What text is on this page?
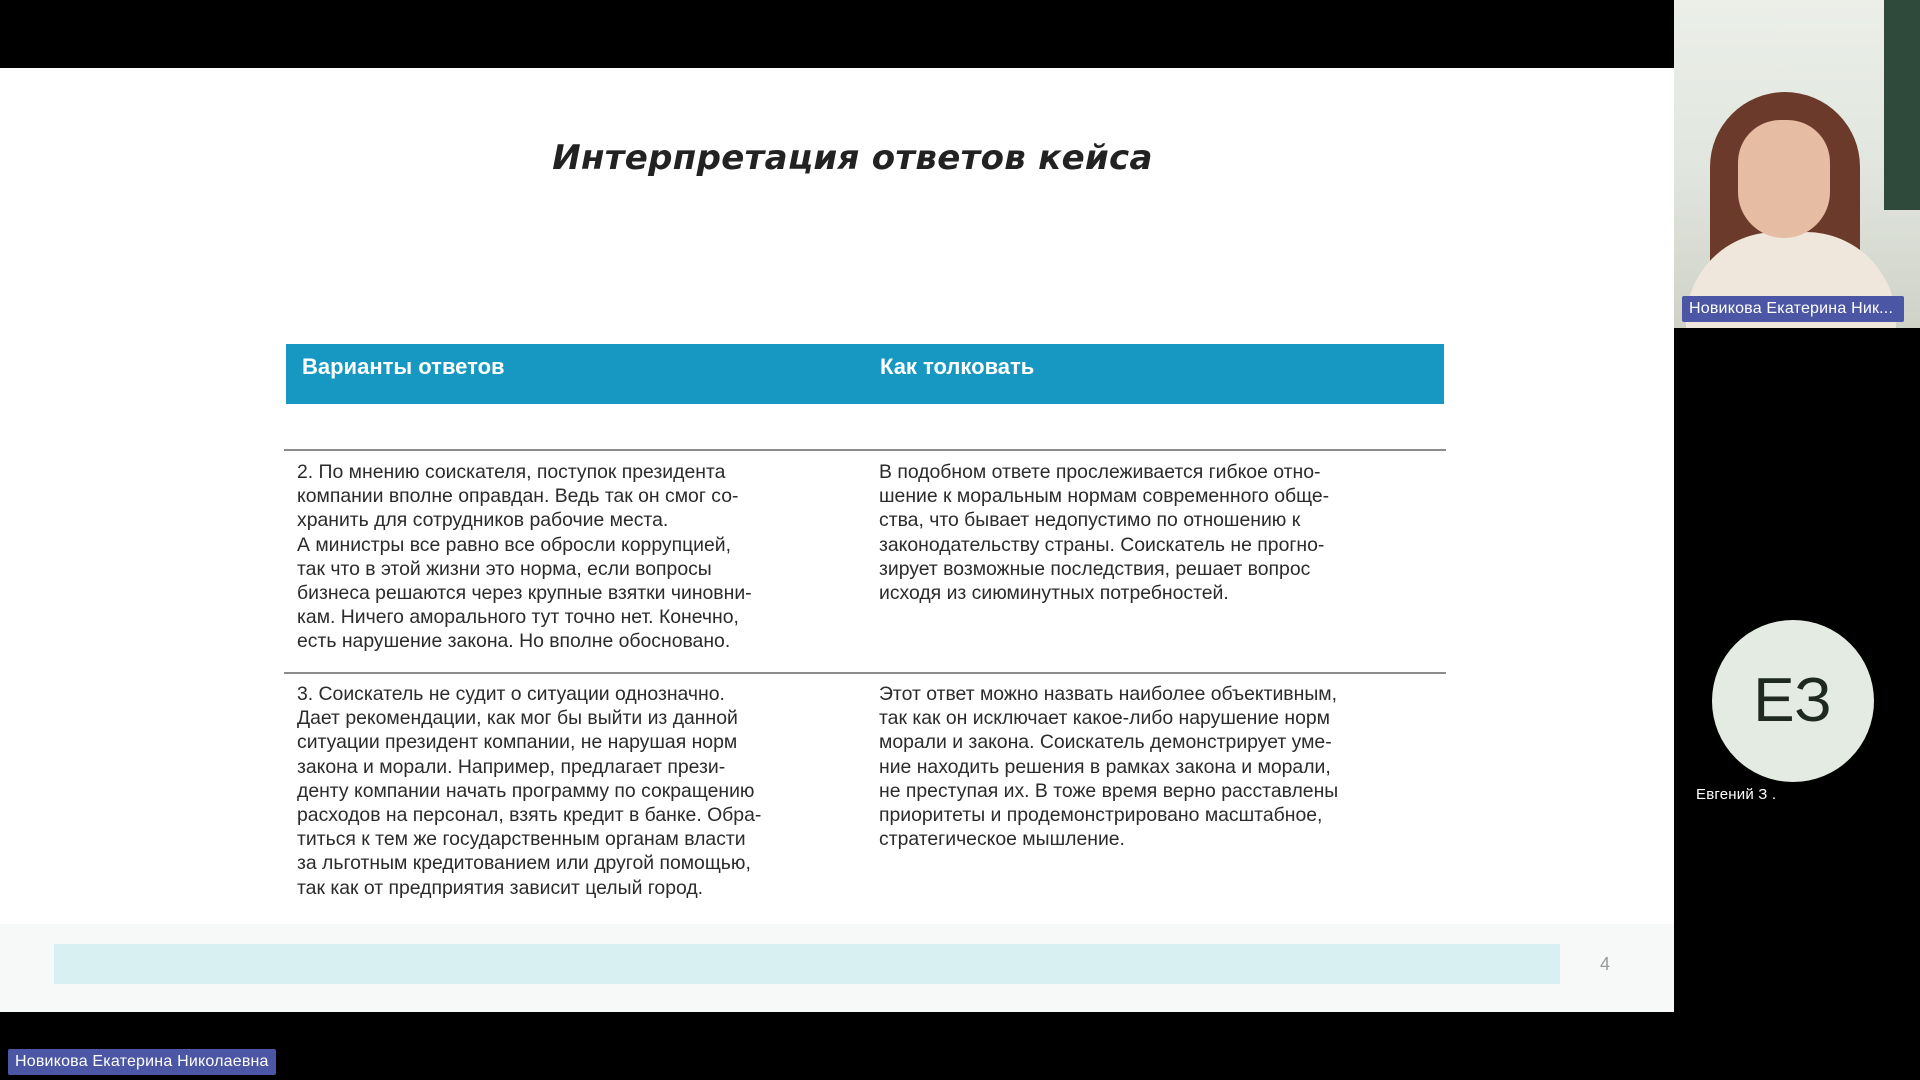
Интерпретация ответов кейса
Варианты ответов	Как толковать
2. По мнению соискателя, поступок президента
компании вполне оправдан. Ведь так он смог со-
хранить для сотрудников рабочие места.
А министры все равно все обросли коррупцией,
так что в этой жизни это норма, если вопросы
бизнеса решаются через крупные взятки чиновни-
кам. Ничего аморального тут точно нет. Конечно,
есть нарушение закона. Но вполне обосновано.
В подобном ответе прослеживается гибкое отно-
шение к моральным нормам современного обще-
ства, что бывает недопустимо по отношению к
законодательству страны. Соискатель не прогно-
зирует возможные последствия, решает вопрос
исходя из сиюминутных потребностей.
3. Соискатель не судит о ситуации однозначно.
Дает рекомендации, как мог бы выйти из данной
ситуации президент компании, не нарушая норм
закона и морали. Например, предлагает прези-
денту компании начать программу по сокращению
расходов на персонал, взять кредит в банке. Обра-
титься к тем же государственным органам власти
за льготным кредитованием или другой помощью,
так как от предприятия зависит целый город.
Этот ответ можно назвать наиболее объективным,
так как он исключает какое-либо нарушение норм
морали и закона. Соискатель демонстрирует уме-
ние находить решения в рамках закона и морали,
не преступая их. В тоже время верно расставлены
приоритеты и продемонстрировано масштабное,
стратегическое мышление.
4
Новикова Екатерина Ник...
ЕЗ
Евгений З .
Новикова Екатерина Николаевна
